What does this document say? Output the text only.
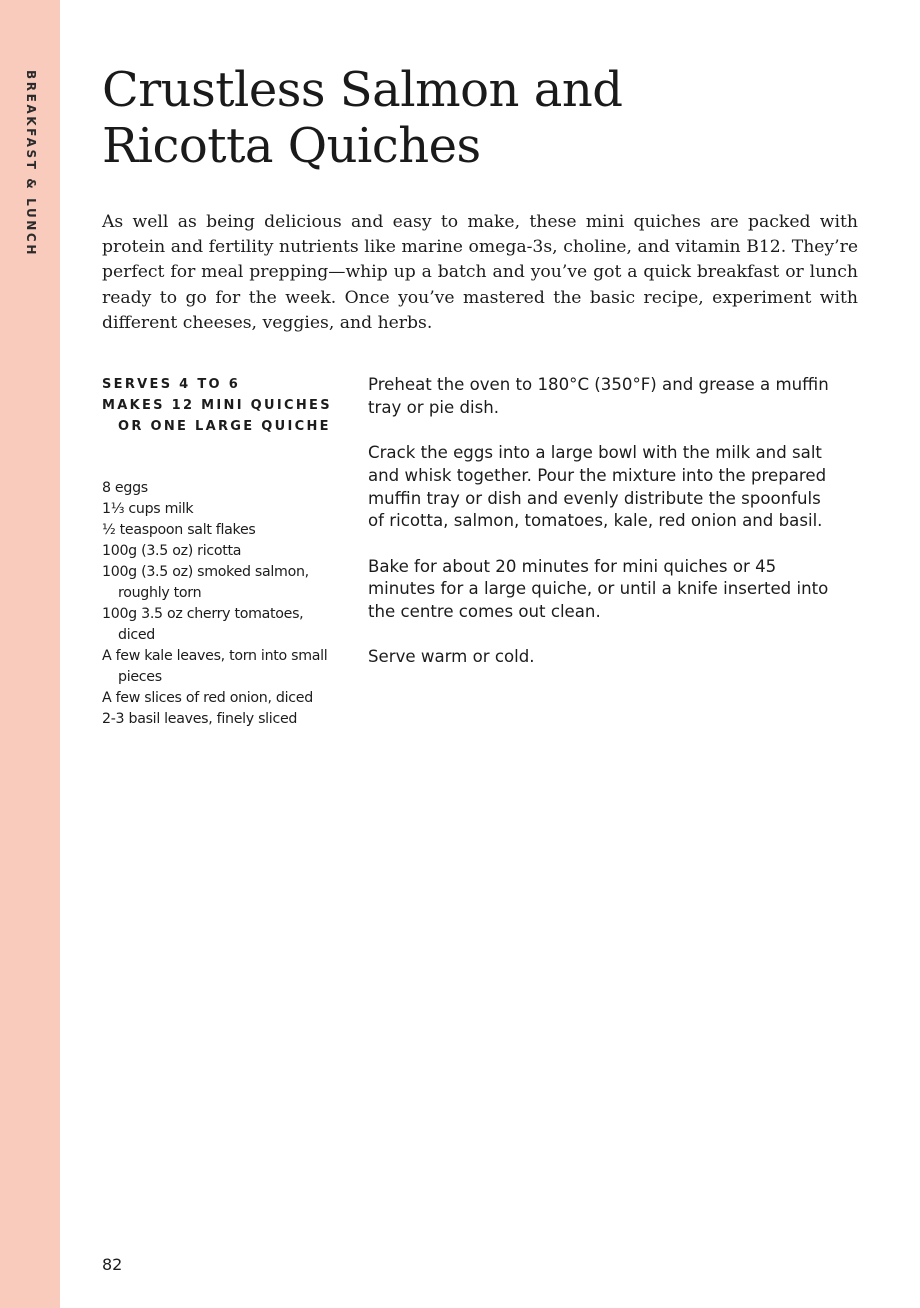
BREAKFAST & LUNCH Crustless Salmon and
Ricotta Quiches

As well as being delicious and easy to make, these mini quiches are packed with protein and fertility nutrients like marine omega-3s, choline, and vitamin B12. They’re perfect for meal prepping—whip up a batch and you’ve got a quick breakfast or lunch ready to go for the week. Once you’ve mastered the basic recipe, experiment with different cheeses, veggies, and herbs.

SERVES 4 TO 6
MAKES 12 MINI QUICHES OR ONE LARGE QUICHE
8 eggs
1⅓ cups milk
½ teaspoon salt flakes
100g (3.5 oz) ricotta
100g (3.5 oz) smoked salmon, roughly torn
100g 3.5 oz cherry tomatoes, diced
A few kale leaves, torn into small pieces
A few slices of red onion, diced
2-3 basil leaves, finely sliced

Preheat the oven to 180°C (350°F) and grease a muffin tray or pie dish.

Crack the eggs into a large bowl with the milk and salt and whisk together. Pour the mixture into the prepared muffin tray or dish and evenly distribute the spoonfuls of ricotta, salmon, tomatoes, kale, red onion and basil.

Bake for about 20 minutes for mini quiches or 45 minutes for a large quiche, or until a knife inserted into the centre comes out clean.

Serve warm or cold.

82
